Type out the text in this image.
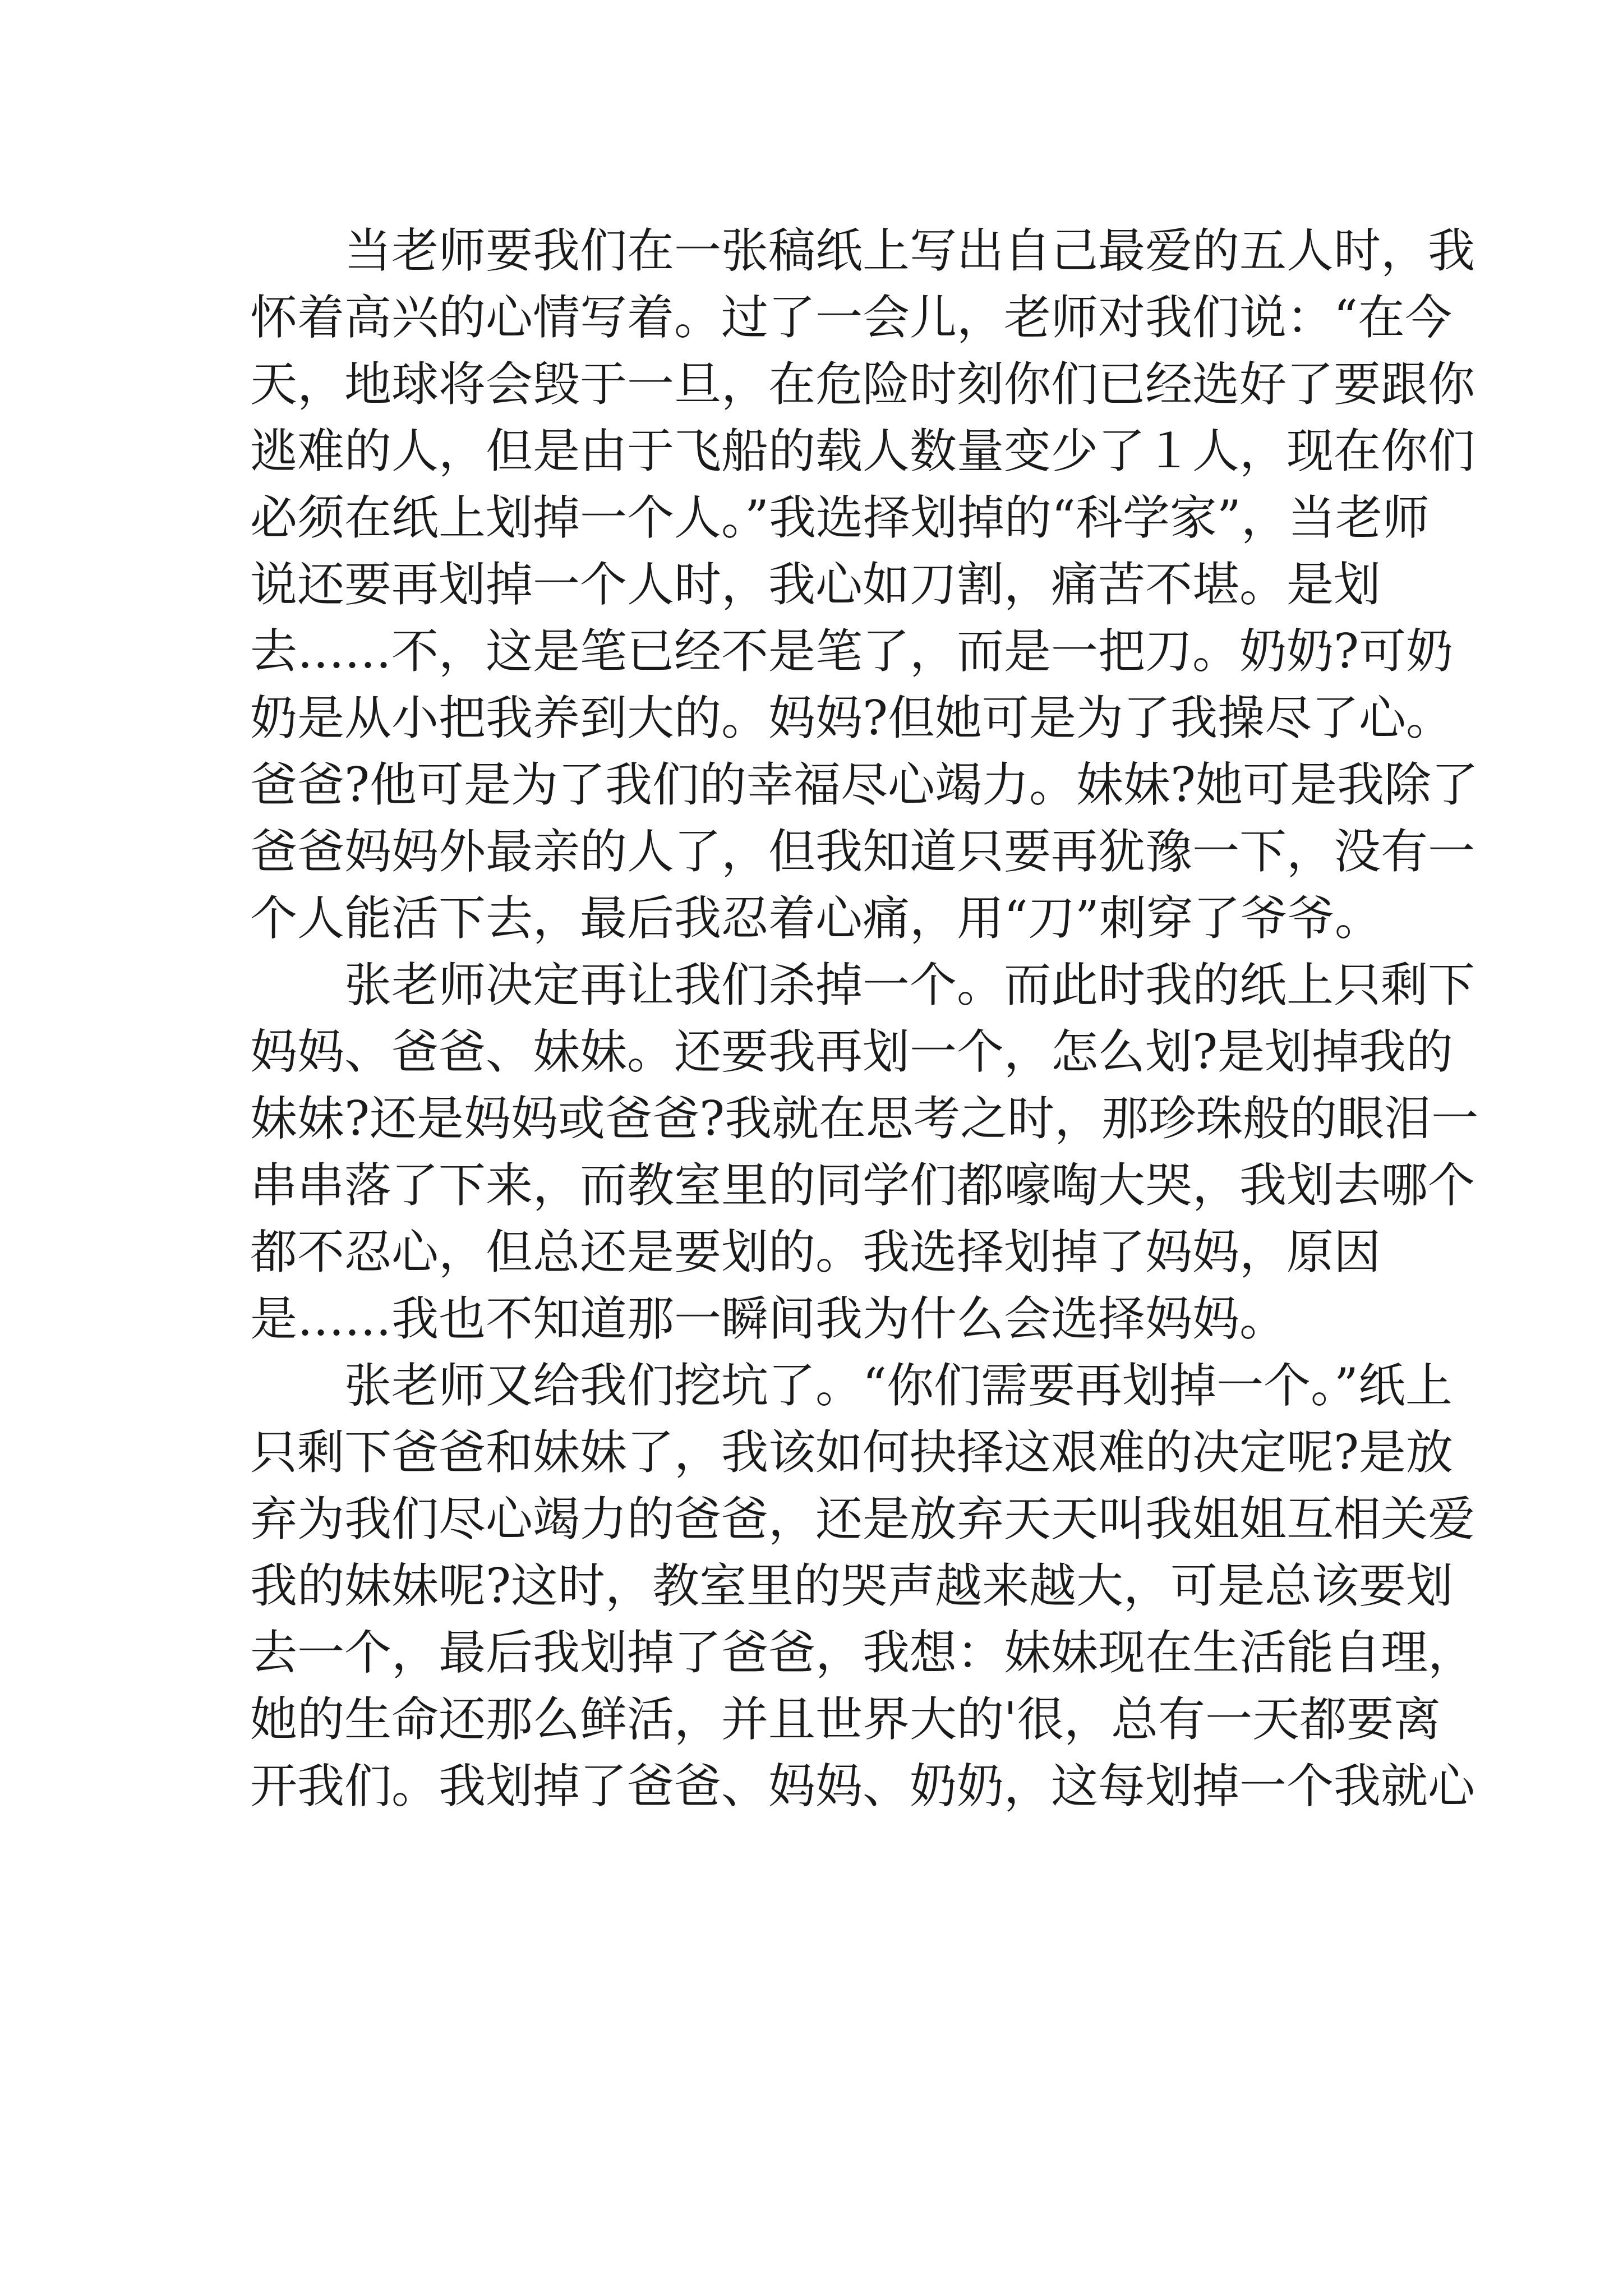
当老师要我们在一张稿纸上写出自己最爱的五人时，我
怀着高兴的心情写着。过了一会儿，老师对我们说：“在今
天，地球将会毁于一旦，在危险时刻你们已经选好了要跟你
逃难的人，但是由于飞船的载人数量变少了１人，现在你们
必须在纸上划掉一个人。”我选择划掉的“科学家”，当老师
说还要再划掉一个人时，我心如刀割，痛苦不堪。是划
去……不，这是笔已经不是笔了，而是一把刀。奶奶?可奶
奶是从小把我养到大的。妈妈?但她可是为了我操尽了心。
爸爸?他可是为了我们的幸福尽心竭力。妹妹?她可是我除了
爸爸妈妈外最亲的人了，但我知道只要再犹豫一下，没有一
个人能活下去，最后我忍着心痛，用“刀”刺穿了爷爷。
张老师决定再让我们杀掉一个。而此时我的纸上只剩下
妈妈、爸爸、妹妹。还要我再划一个，怎么划?是划掉我的
妹妹?还是妈妈或爸爸?我就在思考之时，那珍珠般的眼泪一
串串落了下来，而教室里的同学们都嚎啕大哭，我划去哪个
都不忍心，但总还是要划的。我选择划掉了妈妈，原因
是……我也不知道那一瞬间我为什么会选择妈妈。
张老师又给我们挖坑了。“你们需要再划掉一个。”纸上
只剩下爸爸和妹妹了，我该如何抉择这艰难的决定呢?是放
弃为我们尽心竭力的爸爸，还是放弃天天叫我姐姐互相关爱
我的妹妹呢?这时，教室里的哭声越来越大，可是总该要划
去一个，最后我划掉了爸爸，我想：妹妹现在生活能自理，
她的生命还那么鲜活，并且世界大的'很，总有一天都要离
开我们。我划掉了爸爸、妈妈、奶奶，这每划掉一个我就心
